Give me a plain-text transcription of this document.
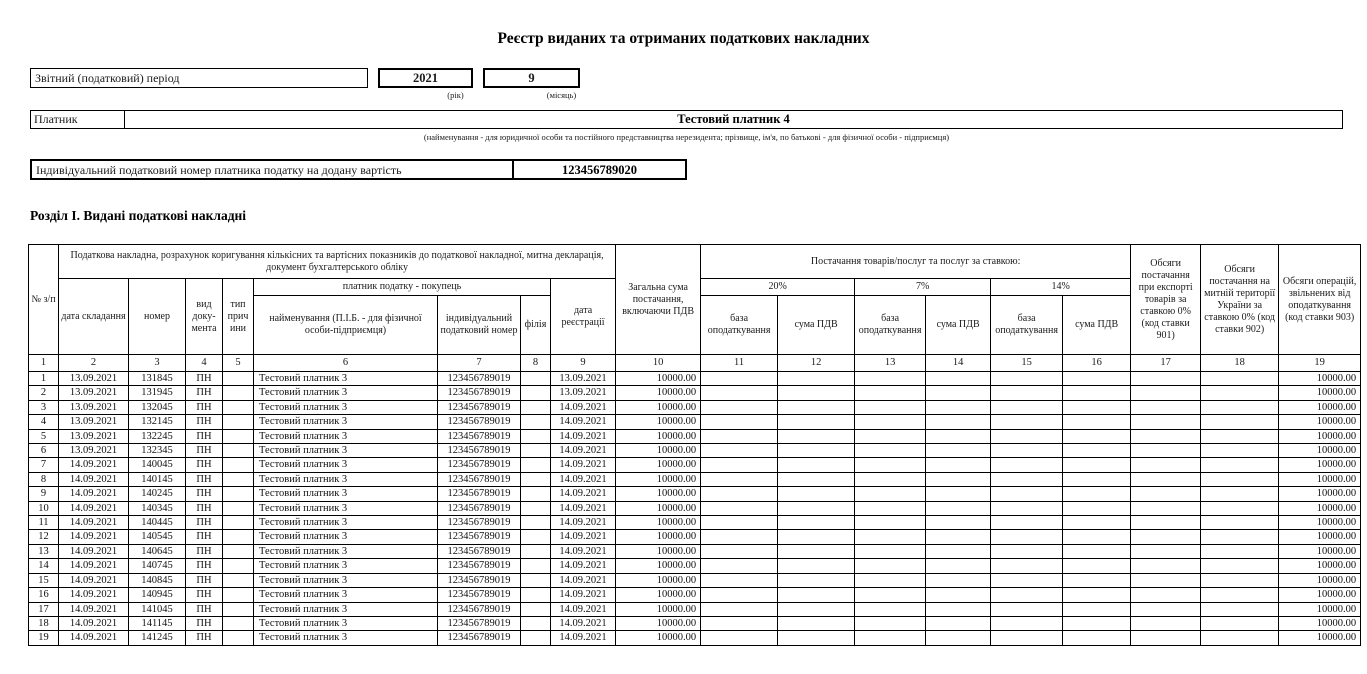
Реєстр виданих та отриманих податкових накладних
Звітний (податковий) період	2021	9
(рік)	(місяць)
Платник	Тестовий платник 4
(найменування - для юридичної особи та постійного представництва нерезидента; прізвище, ім'я, по батькові - для фізичної особи - підприємця)
Індивідуальний податковий номер платника податку на додану вартість	123456789020
Розділ I. Видані податкові накладні
№ з/п	Податкова накладна, розрахунок коригування кількісних та вартісних показників до податкової накладної, митна декларація, документ бухгалтерського обліку								Загальна сума постачання, включаючи ПДВ	Постачання товарів/послуг та послуг за ставкою:						Обсяги постачання при експорті товарів за ставкою 0% (код ставки 901)	Обсяги постачання на митній території України за ставкою 0% (код ставки 902)	Обсяги операцій, звільнених від оподаткування (код ставки 903)
	дата складання	номер	вид документа	тип причини	платник податку - покупець			дата реєстрації		20%		7%		14%				
					найменування (П.І.Б. - для фізичної особи-підприємця)	індивідуальний податковий номер	філія			база оподаткування	сума ПДВ	база оподаткування	сума ПДВ	база оподаткування	сума ПДВ			
1	2	3	4	5	6	7	8	9	10	11	12	13	14	15	16	17	18	19
1	13.09.2021	131845	ПН		Тестовий платник 3	123456789019		13.09.2021	10000.00									10000.00
2	13.09.2021	131945	ПН		Тестовий платник 3	123456789019		13.09.2021	10000.00									10000.00
3	13.09.2021	132045	ПН		Тестовий платник 3	123456789019		14.09.2021	10000.00									10000.00
4	13.09.2021	132145	ПН		Тестовий платник 3	123456789019		14.09.2021	10000.00									10000.00
5	13.09.2021	132245	ПН		Тестовий платник 3	123456789019		14.09.2021	10000.00									10000.00
6	13.09.2021	132345	ПН		Тестовий платник 3	123456789019		14.09.2021	10000.00									10000.00
7	14.09.2021	140045	ПН		Тестовий платник 3	123456789019		14.09.2021	10000.00									10000.00
8	14.09.2021	140145	ПН		Тестовий платник 3	123456789019		14.09.2021	10000.00									10000.00
9	14.09.2021	140245	ПН		Тестовий платник 3	123456789019		14.09.2021	10000.00									10000.00
10	14.09.2021	140345	ПН		Тестовий платник 3	123456789019		14.09.2021	10000.00									10000.00
11	14.09.2021	140445	ПН		Тестовий платник 3	123456789019		14.09.2021	10000.00									10000.00
12	14.09.2021	140545	ПН		Тестовий платник 3	123456789019		14.09.2021	10000.00									10000.00
13	14.09.2021	140645	ПН		Тестовий платник 3	123456789019		14.09.2021	10000.00									10000.00
14	14.09.2021	140745	ПН		Тестовий платник 3	123456789019		14.09.2021	10000.00									10000.00
15	14.09.2021	140845	ПН		Тестовий платник 3	123456789019		14.09.2021	10000.00									10000.00
16	14.09.2021	140945	ПН		Тестовий платник 3	123456789019		14.09.2021	10000.00									10000.00
17	14.09.2021	141045	ПН		Тестовий платник 3	123456789019		14.09.2021	10000.00									10000.00
18	14.09.2021	141145	ПН		Тестовий платник 3	123456789019		14.09.2021	10000.00									10000.00
19	14.09.2021	141245	ПН		Тестовий платник 3	123456789019		14.09.2021	10000.00									10000.00
